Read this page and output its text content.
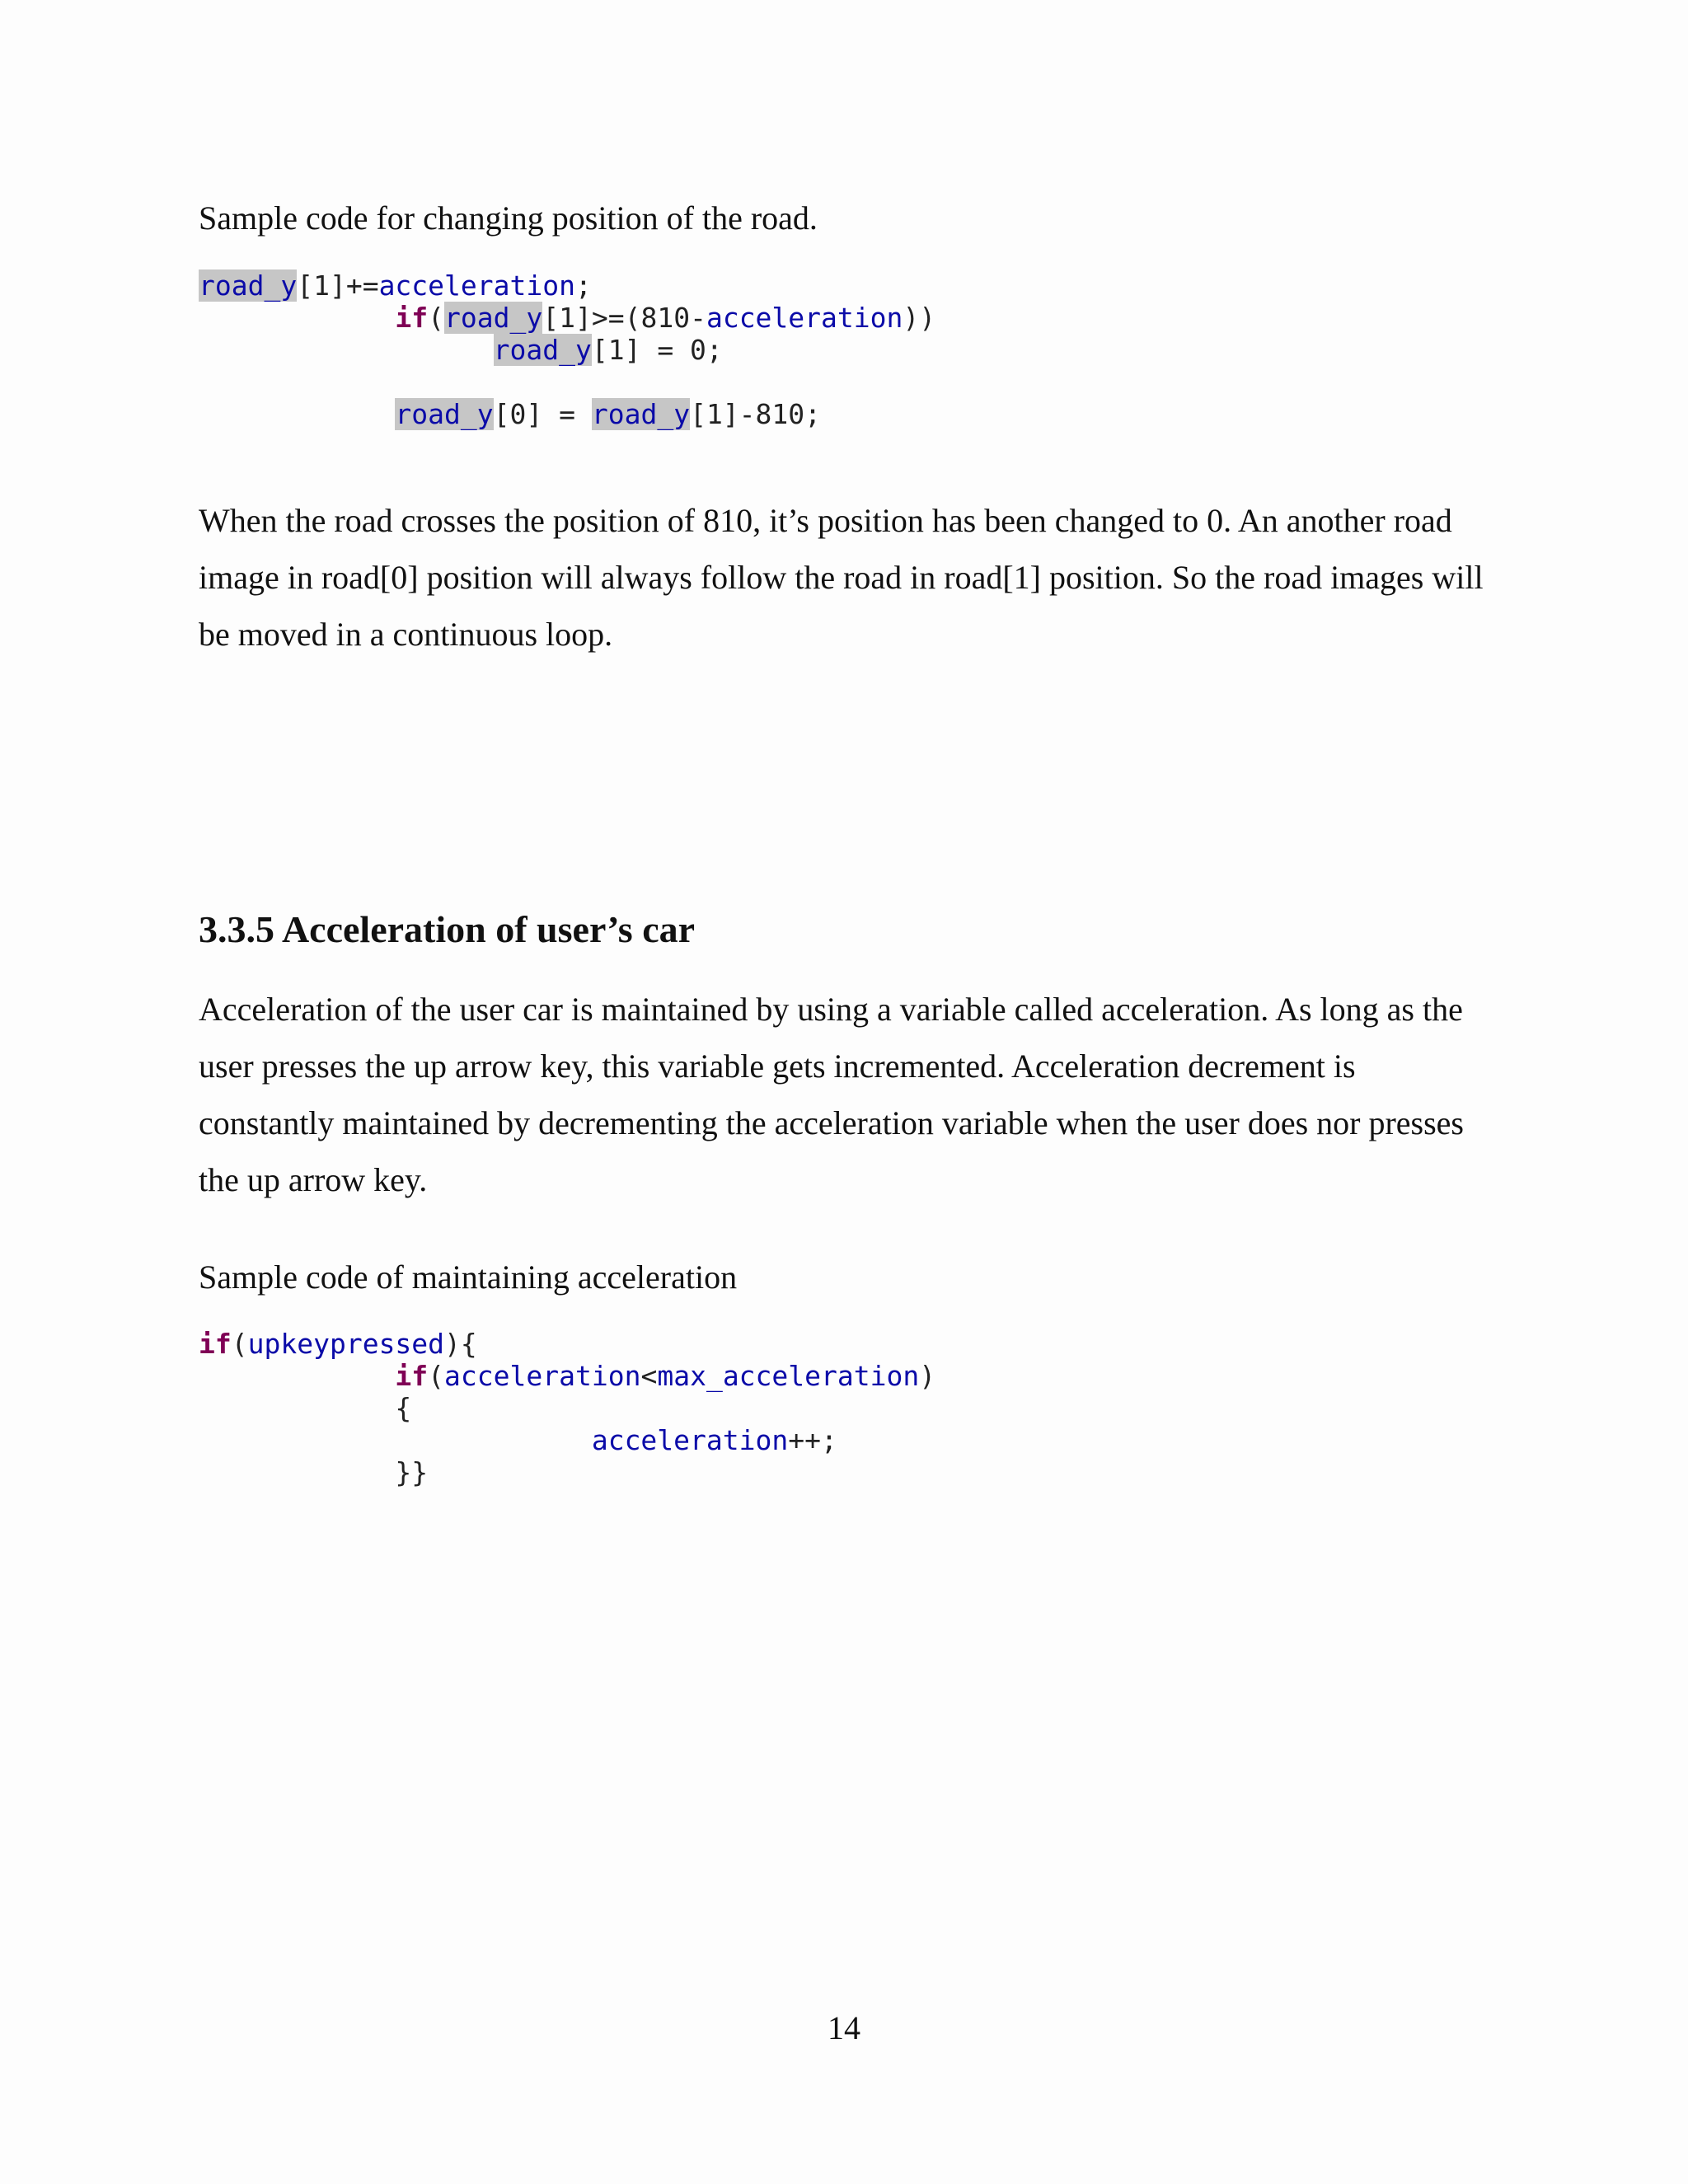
Sample code for changing position of the road.

road_y[1]+=acceleration;
if(road_y[1]>=(810-acceleration))
road_y[1] = 0;
road_y[0] = road_y[1]-810;
When the road crosses the position of 810, it’s position has been changed to 0. An another road
image in road[0] position will always follow the road in road[1] position. So the road images will
be moved in a continuous loop.
3.3.5 Acceleration of user’s car
Acceleration of the user car is maintained by using a variable called acceleration. As long as the
user presses the up arrow key, this variable gets incremented. Acceleration decrement is
constantly maintained by decrementing the acceleration variable when the user does nor presses
the up arrow key.

Sample code of maintaining acceleration

if(upkeypressed){
if(acceleration<max_acceleration)
{
acceleration++;
}}
14
